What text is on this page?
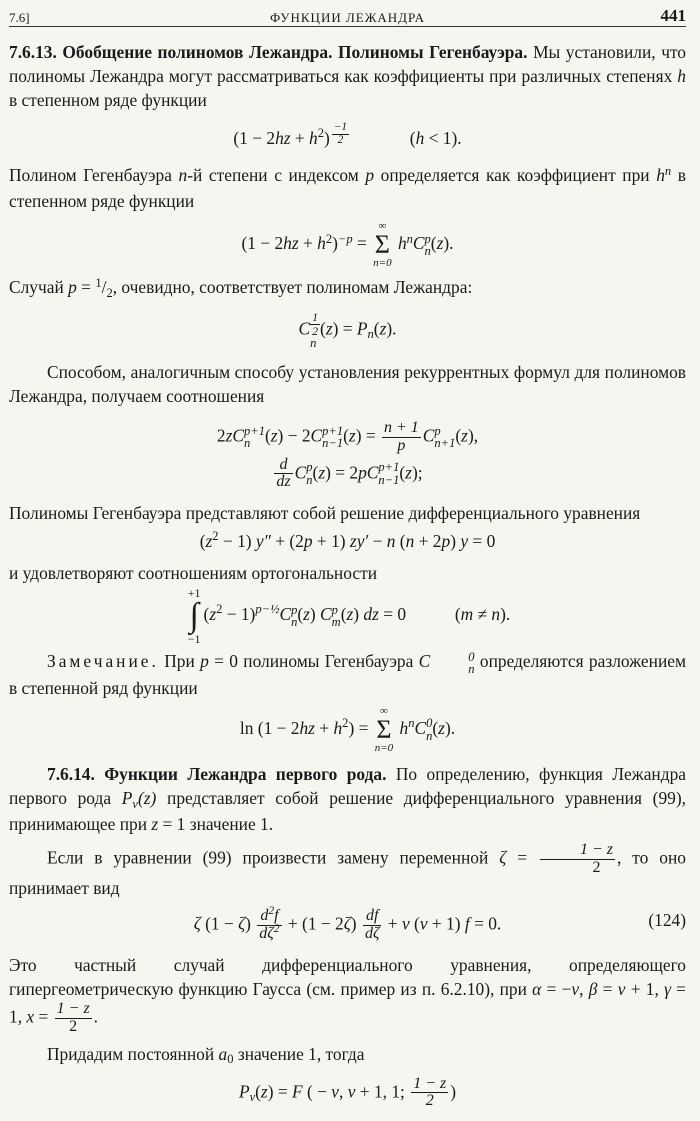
7.6]	ФУНКЦИИ ЛЕЖАНДРА	441

7.6.13. Обобщение полиномов Лежандра. Полиномы Гегенбауэра. Мы установили, что полиномы Лежандра могут рассматриваться как коэффициенты при различных степенях h в степенном ряде функции

$(1 - 2hz + h^2)$ $^{\frac{-1}{2}}$	(h < 1).

Полином Гегенбауэра n-й степени с индексом p определяется как коэффициент при $h^n$ в степенном ряде функции

$(1 - 2hz + h^2)^{-p}$ =
∞
Σ
n=0
$h^nC$ p
n (z).

Случай $p = ^1/_2$, очевидно, соответствует полиномам Лежандра:

C
1
2
n
$(z) = P_n(z)$.

Способом, аналогичным способу установления рекуррентных формул для полиномов Лежандра, получаем соотношения

2zC p+1
n (z) − 2C p+1
n−1 $(z) = \frac{n + 1}{p}$ C p
n+1 (z),
$\frac{d}{dz}$ C p
n (z) = 2pC p+1
n−1 (z);

Полиномы Гегенбауэра представляют собой решение дифференциального уравнения

$(z^2 - 1) y'' + (2p + 1) zy' - n$ (n + 2p) y = 0

и удовлетворяют соотношениям ортогональности

+1
∫
−1
$(z^2 - 1)^{p-\frac{1}{2}}C$ p
n (z) C p
m (z) dz = 0	(m ≠ n).

Замечание. При p = 0 полиномы Гегенбауэра C	0
n определяются разложением в степенной ряд функции

$\ln (1 - 2hz + h^2)$ =
∞
Σ
n=0
$h^nC$ 0
n (z).

7.6.14. Функции Лежандра первого рода. По определению, функция Лежандра первого рода $P_\nu(z)$ представляет собой решение дифференциального уравнения (99), принимающее при z = 1 значение 1.

Если в уравнении (99) произвести замену переменной $\zeta = \frac{1 - z}{2}$ , то оно принимает вид

ζ $(1 - \zeta) \frac{d^2f}{d\zeta^2} + (1 - 2\zeta) \frac{df}{d\zeta} + \nu$ (ν + 1) f = 0.	(124)

Это частный случай дифференциального уравнения, определяющего гипергеометрическую функцию Гаусса (см. пример из п. 6.2.10), при α = −ν, β = ν + 1, γ = 1, $x = \frac{1 - z}{2}$ .

Придадим постоянной $a_0$ значение 1, тогда

$P_\nu(z) = F$ ( − ν, ν + 1, 1; $\frac{1 - z}{2}$ )
